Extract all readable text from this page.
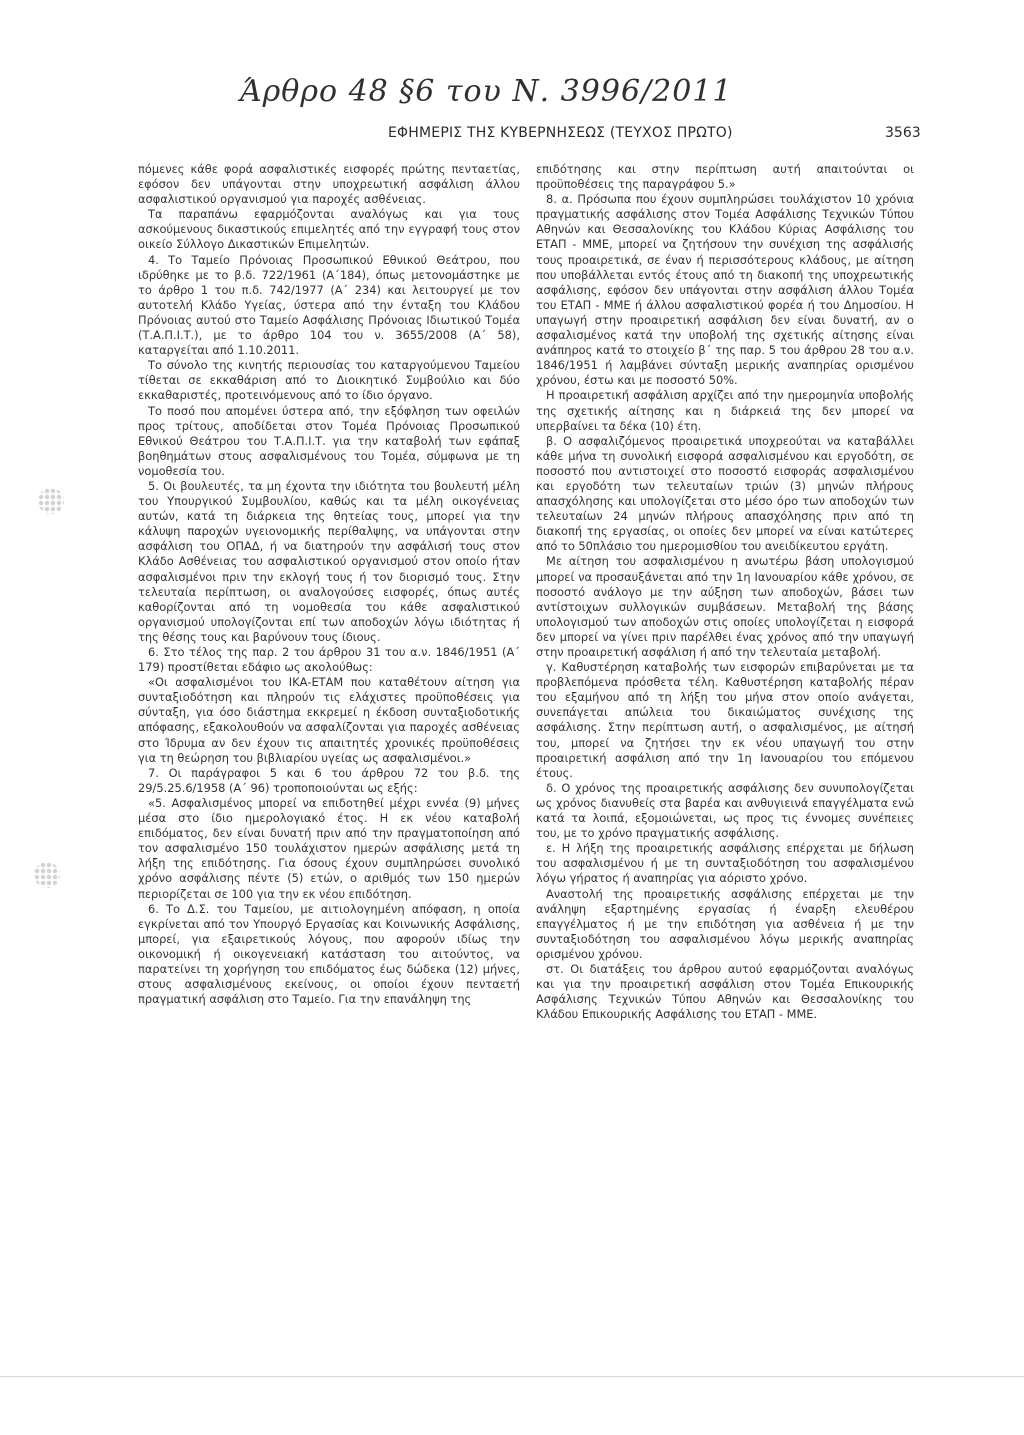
Άρθρο 48 §6 του Ν. 3996/2011
ΕΦΗΜΕΡΙΣ ΤΗΣ ΚΥΒΕΡΝΗΣΕΩΣ (ΤΕΥΧΟΣ ΠΡΩΤΟ)	3563

πόμενες κάθε φορά ασφαλιστικές εισφορές πρώτης πενταετίας, εφόσον δεν υπάγονται στην υποχρεωτική ασφάλιση άλλου ασφαλιστικού οργανισμού για παροχές ασθένειας.

Τα παραπάνω εφαρμόζονται αναλόγως και για τους ασκούμενους δικαστικούς επιμελητές από την εγγραφή τους στον οικείο Σύλλογο Δικαστικών Επιμελητών.

4. Το Ταμείο Πρόνοιας Προσωπικού Εθνικού Θεάτρου, που ιδρύθηκε με το β.δ. 722/1961 (Α΄184), όπως μετονομάστηκε με το άρθρο 1 του π.δ. 742/1977 (Α΄ 234) και λειτουργεί με τον αυτοτελή Κλάδο Υγείας, ύστερα από την ένταξη του Κλάδου Πρόνοιας αυτού στο Ταμείο Ασφάλισης Πρόνοιας Ιδιωτικού Τομέα (Τ.Α.Π.Ι.Τ.), με το άρθρο 104 του ν. 3655/2008 (Α΄ 58), καταργείται από 1.10.2011.

Το σύνολο της κινητής περιουσίας του καταργούμενου Ταμείου τίθεται σε εκκαθάριση από το Διοικητικό Συμβούλιο και δύο εκκαθαριστές, προτεινόμενους από το ίδιο όργανο.

Το ποσό που απομένει ύστερα από, την εξόφληση των οφειλών προς τρίτους, αποδίδεται στον Τομέα Πρόνοιας Προσωπικού Εθνικού Θεάτρου του Τ.Α.Π.Ι.Τ. για την καταβολή των εφάπαξ βοηθημάτων στους ασφαλισμένους του Τομέα, σύμφωνα με τη νομοθεσία του.

5. Οι βουλευτές, τα μη έχοντα την ιδιότητα του βουλευτή μέλη του Υπουργικού Συμβουλίου, καθώς και τα μέλη οικογένειας αυτών, κατά τη διάρκεια της θητείας τους, μπορεί για την κάλυψη παροχών υγειονομικής περίθαλψης, να υπάγονται στην ασφάλιση του ΟΠΑΔ, ή να διατηρούν την ασφάλισή τους στον Κλάδο Ασθένειας του ασφαλιστικού οργανισμού στον οποίο ήταν ασφαλισμένοι πριν την εκλογή τους ή τον διορισμό τους. Στην τελευταία περίπτωση, οι αναλογούσες εισφορές, όπως αυτές καθορίζονται από τη νομοθεσία του κάθε ασφαλιστικού οργανισμού υπολογίζονται επί των αποδοχών λόγω ιδιότητας ή της θέσης τους και βαρύνουν τους ίδιους.

6. Στο τέλος της παρ. 2 του άρθρου 31 του α.ν. 1846/1951 (Α΄ 179) προστίθεται εδάφιο ως ακολούθως:

«Οι ασφαλισμένοι του ΙΚΑ-ΕΤΑΜ που καταθέτουν αίτηση για συνταξιοδότηση και πληρούν τις ελάχιστες προϋποθέσεις για σύνταξη, για όσο διάστημα εκκρεμεί η έκδοση συνταξιοδοτικής απόφασης, εξακολουθούν να ασφαλίζονται για παροχές ασθένειας στο Ίδρυμα αν δεν έχουν τις απαιτητές χρονικές προϋποθέσεις για τη θεώρηση του βιβλιαρίου υγείας ως ασφαλισμένοι.»

7. Οι παράγραφοι 5 και 6 του άρθρου 72 του β.δ. της 29/5.25.6/1958 (Α΄ 96) τροποποιούνται ως εξής:

«5. Ασφαλισμένος μπορεί να επιδοτηθεί μέχρι εννέα (9) μήνες μέσα στο ίδιο ημερολογιακό έτος. Η εκ νέου καταβολή επιδόματος, δεν είναι δυνατή πριν από την πραγματοποίηση από τον ασφαλισμένο 150 τουλάχιστον ημερών ασφάλισης μετά τη λήξη της επιδότησης. Για όσους έχουν συμπληρώσει συνολικό χρόνο ασφάλισης πέντε (5) ετών, ο αριθμός των 150 ημερών περιορίζεται σε 100 για την εκ νέου επιδότηση.

6. Το Δ.Σ. του Ταμείου, με αιτιολογημένη απόφαση, η οποία εγκρίνεται από τον Υπουργό Εργασίας και Κοινωνικής Ασφάλισης, μπορεί, για εξαιρετικούς λόγους, που αφορούν ιδίως την οικονομική ή οικογενειακή κατάσταση του αιτούντος, να παρατείνει τη χορήγηση του επιδόματος έως δώδεκα (12) μήνες, στους ασφαλισμένους εκείνους, οι οποίοι έχουν πενταετή πραγματική ασφάλιση στο Ταμείο. Για την επανάληψη της

επιδότησης και στην περίπτωση αυτή απαιτούνται οι προϋποθέσεις της παραγράφου 5.»

8. α. Πρόσωπα που έχουν συμπληρώσει τουλάχιστον 10 χρόνια πραγματικής ασφάλισης στον Τομέα Ασφάλισης Τεχνικών Τύπου Αθηνών και Θεσσαλονίκης του Κλάδου Κύριας Ασφάλισης του ΕΤΑΠ - ΜΜΕ, μπορεί να ζητήσουν την συνέχιση της ασφάλισής τους προαιρετικά, σε έναν ή περισσότερους κλάδους, με αίτηση που υποβάλλεται εντός έτους από τη διακοπή της υποχρεωτικής ασφάλισης, εφόσον δεν υπάγονται στην ασφάλιση άλλου Τομέα του ΕΤΑΠ - ΜΜΕ ή άλλου ασφαλιστικού φορέα ή του Δημοσίου. Η υπαγωγή στην προαιρετική ασφάλιση δεν είναι δυνατή, αν ο ασφαλισμένος κατά την υποβολή της σχετικής αίτησης είναι ανάπηρος κατά το στοιχείο β΄ της παρ. 5 του άρθρου 28 του α.ν. 1846/1951 ή λαμβάνει σύνταξη μερικής αναπηρίας ορισμένου χρόνου, έστω και με ποσοστό 50%.

Η προαιρετική ασφάλιση αρχίζει από την ημερομηνία υποβολής της σχετικής αίτησης και η διάρκειά της δεν μπορεί να υπερβαίνει τα δέκα (10) έτη.

β. Ο ασφαλιζόμενος προαιρετικά υποχρεούται να καταβάλλει κάθε μήνα τη συνολική εισφορά ασφαλισμένου και εργοδότη, σε ποσοστό που αντιστοιχεί στο ποσοστό εισφοράς ασφαλισμένου και εργοδότη των τελευταίων τριών (3) μηνών πλήρους απασχόλησης και υπολογίζεται στο μέσο όρο των αποδοχών των τελευταίων 24 μηνών πλήρους απασχόλησης πριν από τη διακοπή της εργασίας, οι οποίες δεν μπορεί να είναι κατώτερες από το 50πλάσιο του ημερομισθίου του ανειδίκευτου εργάτη.

Με αίτηση του ασφαλισμένου η ανωτέρω βάση υπολογισμού μπορεί να προσαυξάνεται από την 1η Ιανουαρίου κάθε χρόνου, σε ποσοστό ανάλογο με την αύξηση των αποδοχών, βάσει των αντίστοιχων συλλογικών συμβάσεων. Μεταβολή της βάσης υπολογισμού των αποδοχών στις οποίες υπολογίζεται η εισφορά δεν μπορεί να γίνει πριν παρέλθει ένας χρόνος από την υπαγωγή στην προαιρετική ασφάλιση ή από την τελευταία μεταβολή.

γ. Καθυστέρηση καταβολής των εισφορών επιβαρύνεται με τα προβλεπόμενα πρόσθετα τέλη. Καθυστέρηση καταβολής πέραν του εξαμήνου από τη λήξη του μήνα στον οποίο ανάγεται, συνεπάγεται απώλεια του δικαιώματος συνέχισης της ασφάλισης. Στην περίπτωση αυτή, ο ασφαλισμένος, με αίτησή του, μπορεί να ζητήσει την εκ νέου υπαγωγή του στην προαιρετική ασφάλιση από την 1η Ιανουαρίου του επόμενου έτους.

δ. Ο χρόνος της προαιρετικής ασφάλισης δεν συνυπολογίζεται ως χρόνος διανυθείς στα βαρέα και ανθυγιεινά επαγγέλματα ενώ κατά τα λοιπά, εξομοιώνεται, ως προς τις έννομες συνέπειες του, με το χρόνο πραγματικής ασφάλισης.

ε. Η λήξη της προαιρετικής ασφάλισης επέρχεται με δήλωση του ασφαλισμένου ή με τη συνταξιοδότηση του ασφαλισμένου λόγω γήρατος ή αναπηρίας για αόριστο χρόνο.

Αναστολή της προαιρετικής ασφάλισης επέρχεται με την ανάληψη εξαρτημένης εργασίας ή έναρξη ελευθέρου επαγγέλματος ή με την επιδότηση για ασθένεια ή με την συνταξιοδότηση του ασφαλισμένου λόγω μερικής αναπηρίας ορισμένου χρόνου.

στ. Οι διατάξεις του άρθρου αυτού εφαρμόζονται αναλόγως και για την προαιρετική ασφάλιση στον Τομέα Επικουρικής Ασφάλισης Τεχνικών Τύπου Αθηνών και Θεσσαλονίκης του Κλάδου Επικουρικής Ασφάλισης του ΕΤΑΠ - ΜΜΕ.
